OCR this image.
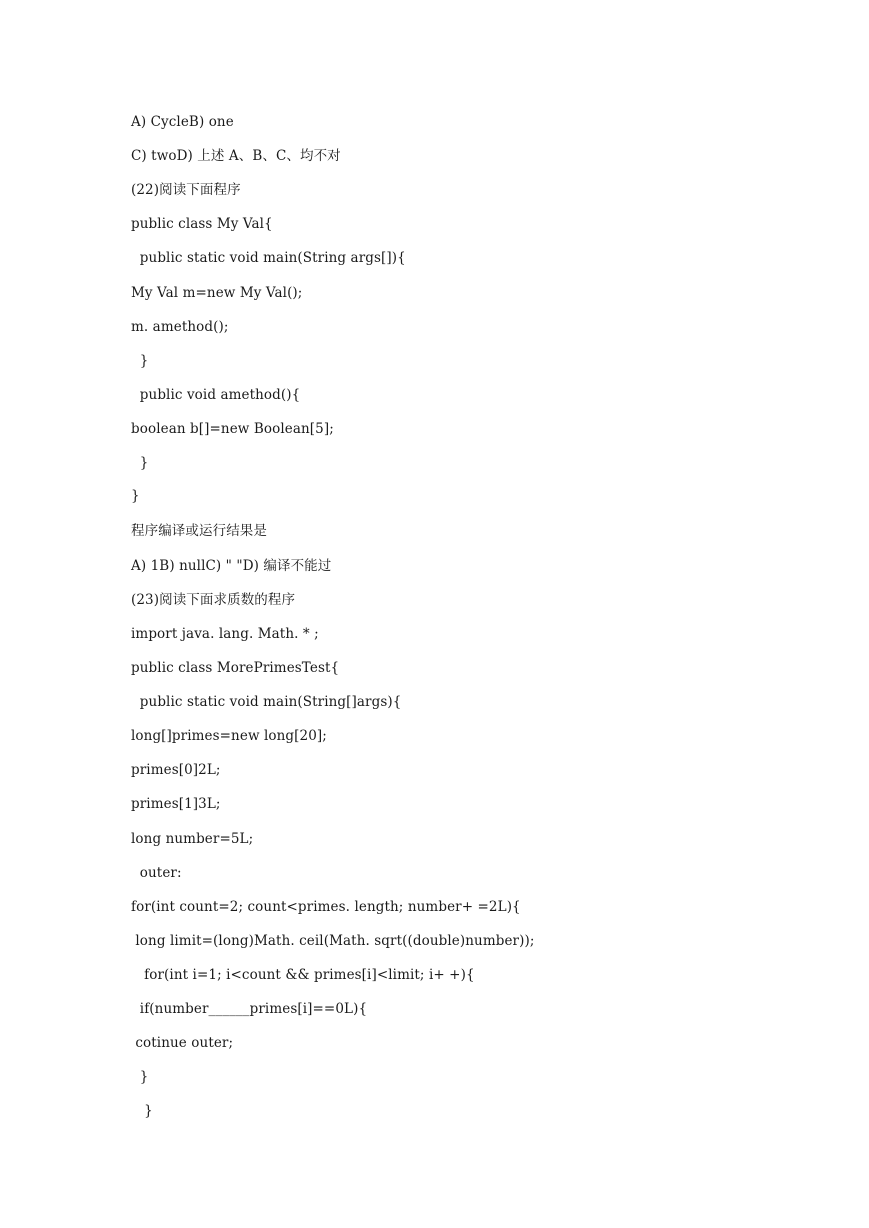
A) CycleB) one
C) twoD) 上述 A、B、C、均不对
(22)阅读下面程序
public class My Val{
public static void main(String args[]){
My Val m=new My Val();
m. amethod();
}
public void amethod(){
boolean b[]=new Boolean[5];
}
}
程序编译或运行结果是
A) 1B) nullC) " "D) 编译不能过
(23)阅读下面求质数的程序
import java. lang. Math. * ;
public class MorePrimesTest{
public static void main(String[]args){
long[]primes=new long[20];
primes[0]2L;
primes[1]3L;
long number=5L;
outer:
for(int count=2; count<primes. length; number+ =2L){
long limit=(long)Math. ceil(Math. sqrt((double)number));
for(int i=1; i<count && primes[i]<limit; i+ +){
if(number______primes[i]==0L){
cotinue outer;
}
}
